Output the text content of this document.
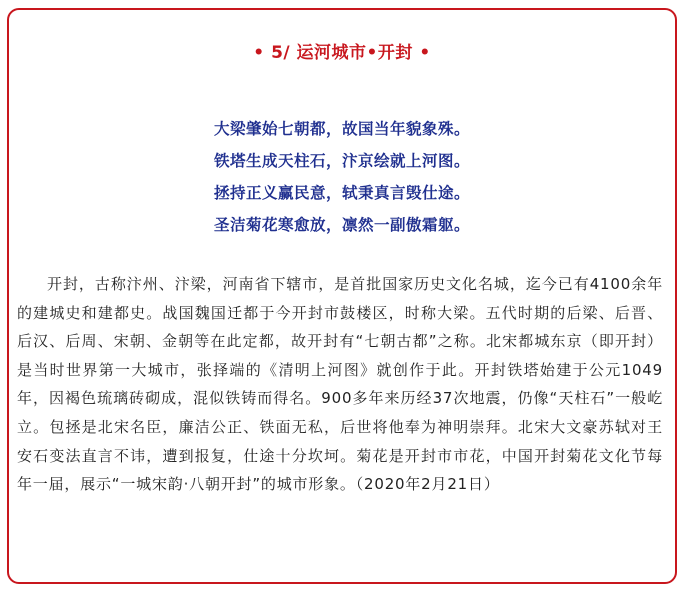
• 5/ 运河城市•开封 •
大梁肇始七朝都，故国当年貌象殊。
铁塔生成天柱石，汴京绘就上河图。
拯持正义赢民意，轼秉真言毁仕途。
圣洁菊花寒愈放，凛然一副傲霜躯。

开封，古称汴州、汴梁，河南省下辖市，是首批国家历史文化名城，迄今已有4100余年的建城史和建都史。战国魏国迁都于今开封市鼓楼区，时称大梁。五代时期的后梁、后晋、后汉、后周、宋朝、金朝等在此定都，故开封有“七朝古都”之称。北宋都城东京（即开封）是当时世界第一大城市，张择端的《清明上河图》就创作于此。开封铁塔始建于公元1049年，因褐色琉璃砖砌成，混似铁铸而得名。900多年来历经37次地震，仍像“天柱石”一般屹立。包拯是北宋名臣，廉洁公正、铁面无私，后世将他奉为神明崇拜。北宋大文豪苏轼对王安石变法直言不讳，遭到报复，仕途十分坎坷。菊花是开封市市花，中国开封菊花文化节每年一届，展示“一城宋韵·八朝开封”的城市形象。（2020年2月21日）
